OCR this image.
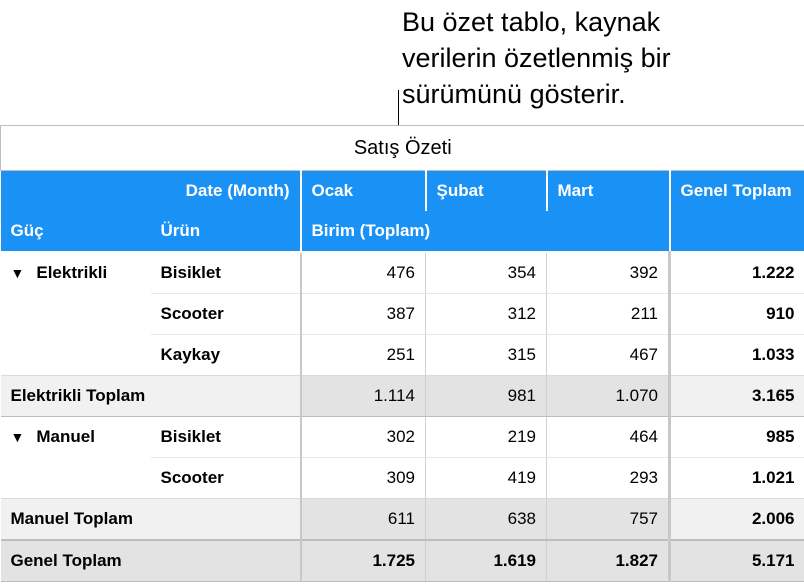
Bu özet tablo, kaynak
verilerin özetlenmiş bir
sürümünü gösterir.
Satış Özeti					
	Date (Month)	Ocak	Şubat	Mart	Genel Toplam
Güç	Ürün	Birim (Toplam)			
▼ Elektrikli	Bisiklet	476	354	392	1.222
	Scooter	387	312	211	910
	Kaykay	251	315	467	1.033
Elektrikli Toplam		1.114	981	1.070	3.165
▼ Manuel	Bisiklet	302	219	464	985
	Scooter	309	419	293	1.021
Manuel Toplam		611	638	757	2.006
Genel Toplam		1.725	1.619	1.827	5.171
